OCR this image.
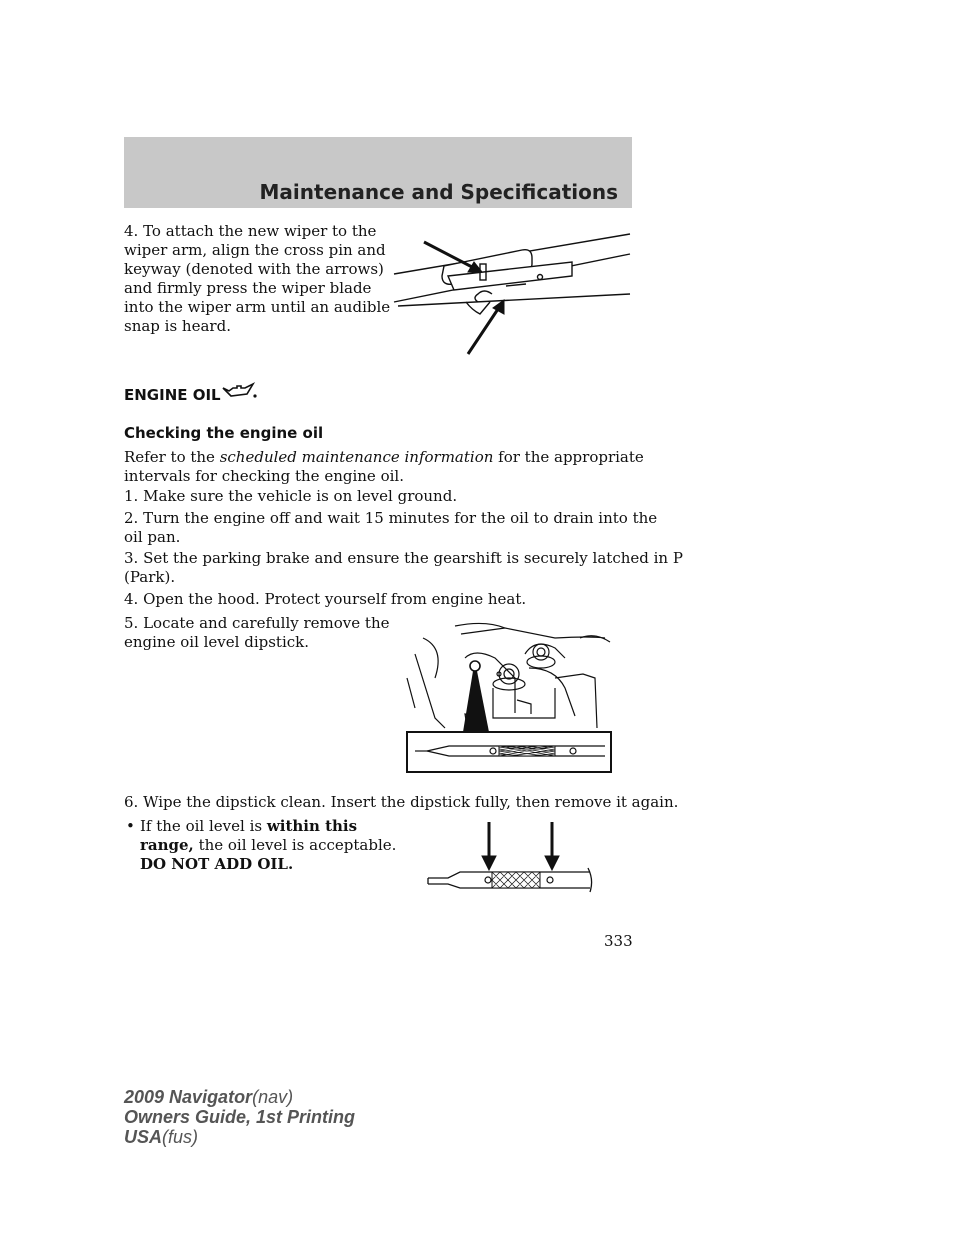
Maintenance and Specifications
4. To attach the new wiper to the
wiper arm, align the cross pin and
keyway (denoted with the arrows)
and firmly press the wiper blade
into the wiper arm until an audible
snap is heard.
ENGINE OIL
Checking the engine oil
Refer to the scheduled maintenance information for the appropriate
intervals for checking the engine oil.
1. Make sure the vehicle is on level ground.
2. Turn the engine off and wait 15 minutes for the oil to drain into the
oil pan.
3. Set the parking brake and ensure the gearshift is securely latched in P
(Park).
4. Open the hood. Protect yourself from engine heat.
5. Locate and carefully remove the
engine oil level dipstick.
6. Wipe the dipstick clean. Insert the dipstick fully, then remove it again.
• If the oil level is within this
range, the oil level is acceptable.
DO NOT ADD OIL.
333
2009 Navigator(nav)
Owners Guide, 1st Printing
USA(fus)
